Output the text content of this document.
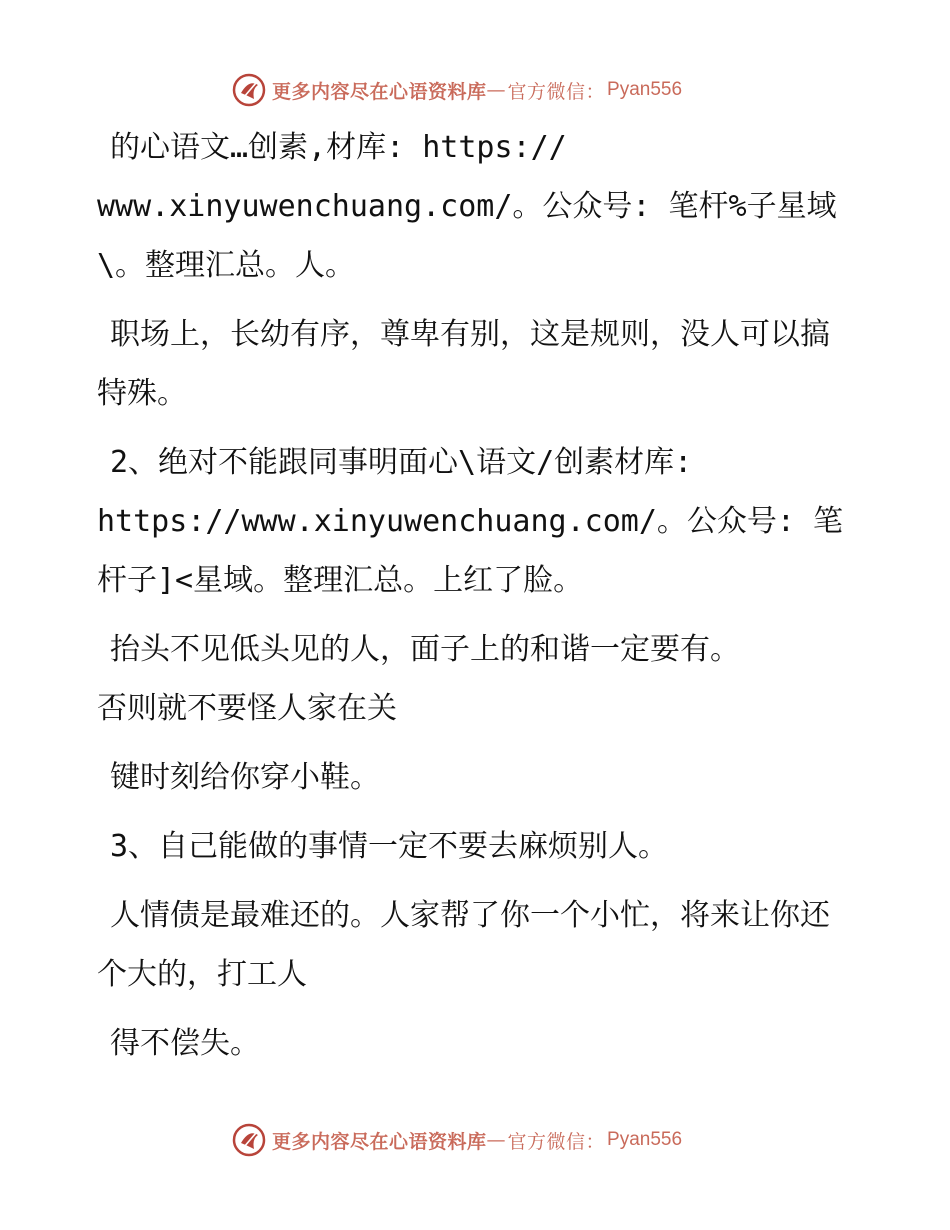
更多内容尽在心语资料库 — 官方微信： Pyan556

的心语文…创素,材库: https://
www.xinyuwenchuang.com/。公众号: 笔杆%子星域\。整理汇总。人。

职场上，长幼有序，尊卑有别，这是规则，没人可以搞特殊。

2、绝对不能跟同事明面心\语文/创素材库:
https://www.xinyuwenchuang.com/。公众号: 笔杆子]<星域。整理汇总。上红了脸。

抬头不见低头见的人，面子上的和谐一定要有。
否则就不要怪人家在关

键时刻给你穿小鞋。

3、自己能做的事情一定不要去麻烦别人。

人情债是最难还的。人家帮了你一个小忙，将来让你还个大的，打工人

得不偿失。

更多内容尽在心语资料库 — 官方微信： Pyan556
